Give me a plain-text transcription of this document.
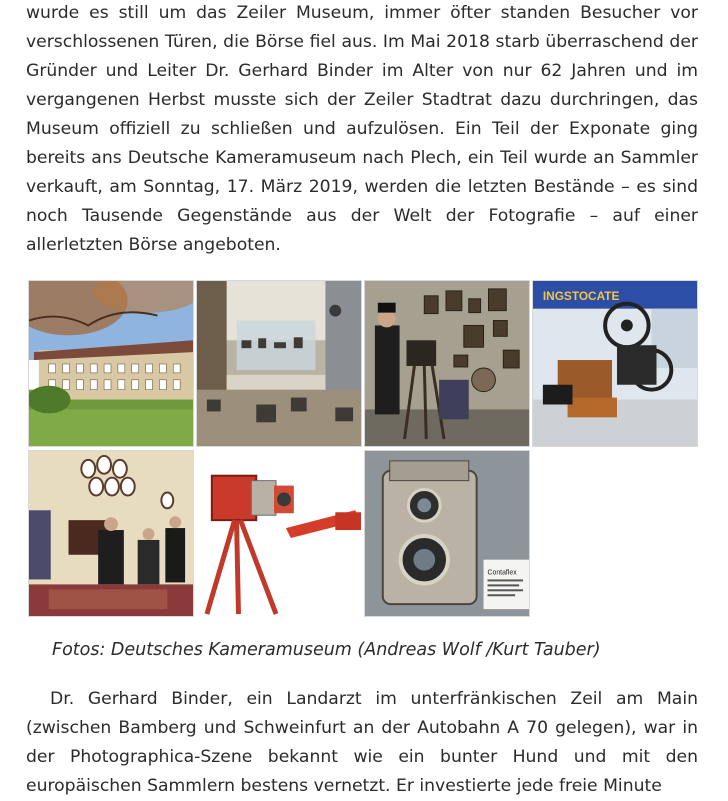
wurde es still um das Zeiler Museum, immer öfter standen Besucher vor verschlossenen Türen, die Börse fiel aus. Im Mai 2018 starb überraschend der Gründer und Leiter Dr. Gerhard Binder im Alter von nur 62 Jahren und im vergangenen Herbst musste sich der Zeiler Stadtrat dazu durchringen, das Museum offiziell zu schließen und aufzulösen. Ein Teil der Exponate ging bereits ans Deutsche Kameramuseum nach Plech, ein Teil wurde an Sammler verkauft, am Sonntag, 17. März 2019, werden die letzten Bestände – es sind noch Tausende Gegenstände aus der Welt der Fotografie – auf einer allerletzten Börse angeboten.

INGSTOCATE
Contaflex

Fotos: Deutsches Kameramuseum (Andreas Wolf /Kurt Tauber)

Dr. Gerhard Binder, ein Landarzt im unterfränkischen Zeil am Main (zwischen Bamberg und Schweinfurt an der Autobahn A 70 gelegen), war in der Photographica-Szene bekannt wie ein bunter Hund und mit den europäischen Sammlern bestens vernetzt. Er investierte jede freie Minute
